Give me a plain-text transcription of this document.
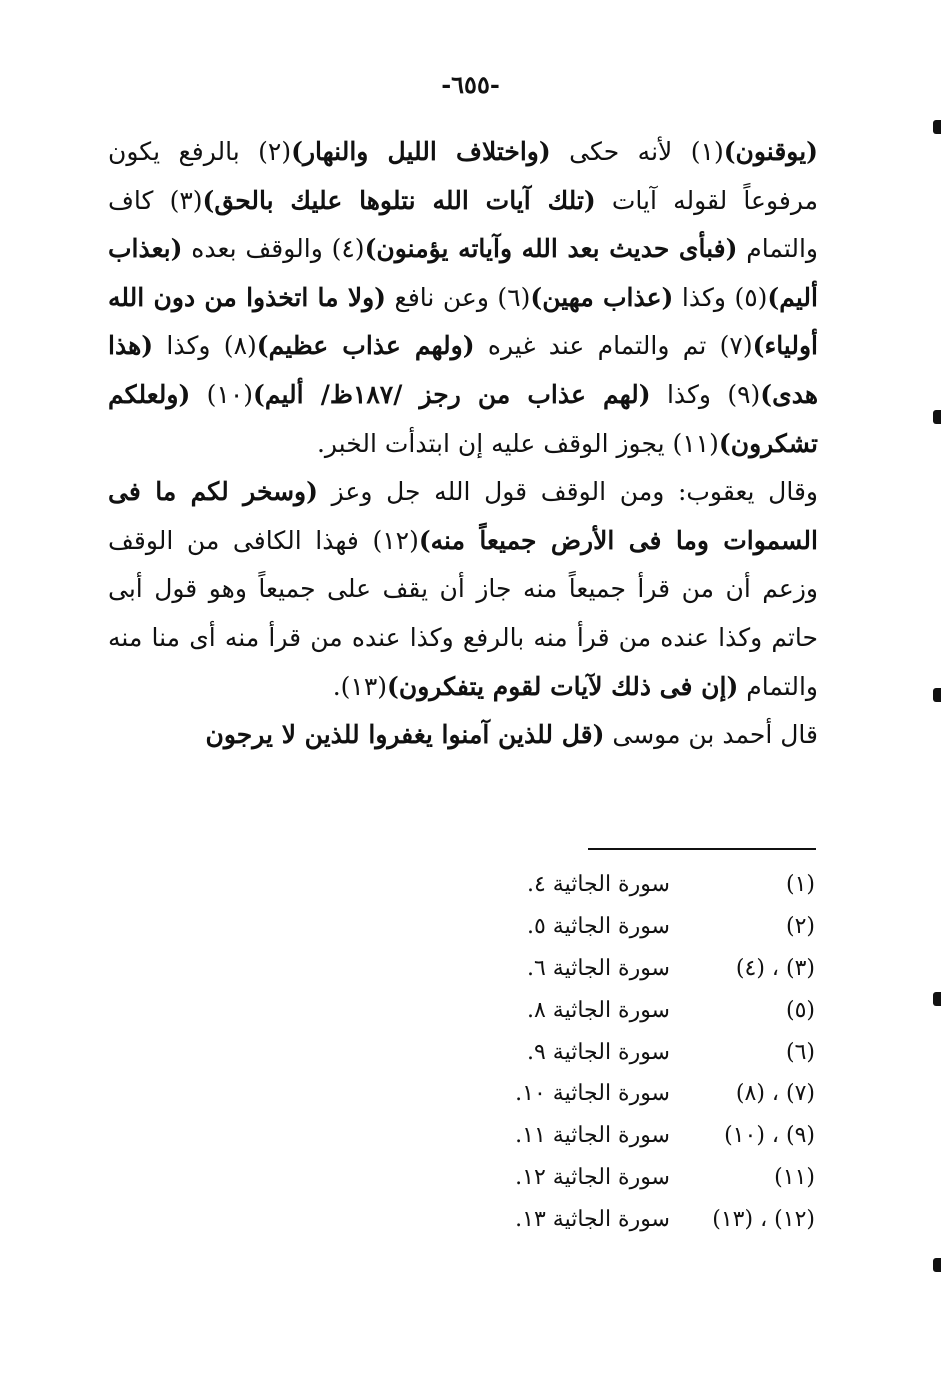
-٦٥٥-

(يوقنون)(١) لأنه حكى (واختلاف الليل والنهار)(٢) بالرفع يكون مرفوعاً لقوله آيات (تلك آيات الله نتلوها عليك بالحق)(٣) كاف والتمام (فبأى حديث بعد الله وآياته يؤمنون)(٤) والوقف بعده (بعذاب أليم)(٥) وكذا (عذاب مهين)(٦) وعن نافع (ولا ما اتخذوا من دون الله أولياء)(٧) تم والتمام عند غيره (ولهم عذاب عظيم)(٨) وكذا (هذا هدى)(٩) وكذا (لهم عذاب من رجز /١٨٧ظ/ أليم)(١٠) (ولعلكم تشكرون)(١١) يجوز الوقف عليه إن ابتدأت الخبر.

وقال يعقوب: ومن الوقف قول الله جل وعز (وسخر لكم ما فى السموات وما فى الأرض جميعاً منه)(١٢) فهذا الكافى من الوقف وزعم أن من قرأ جميعاً منه جاز أن يقف على جميعاً وهو قول أبى حاتم وكذا عنده من قرأ منه بالرفع وكذا عنده من قرأ منه أى منا منه والتمام (إن فى ذلك لآيات لقوم يتفكرون)(١٣).

قال أحمد بن موسى (قل للذين آمنوا يغفروا للذين لا يرجون

(١)
سورة الجاثية ٤.
(٢)
سورة الجاثية ٥.
(٣) ، (٤)
سورة الجاثية ٦.
(٥)
سورة الجاثية ٨.
(٦)
سورة الجاثية ٩.
(٧) ، (٨)
سورة الجاثية ١٠.
(٩) ، (١٠)
سورة الجاثية ١١.
(١١)
سورة الجاثية ١٢.
(١٢) ، (١٣)
سورة الجاثية ١٣.
